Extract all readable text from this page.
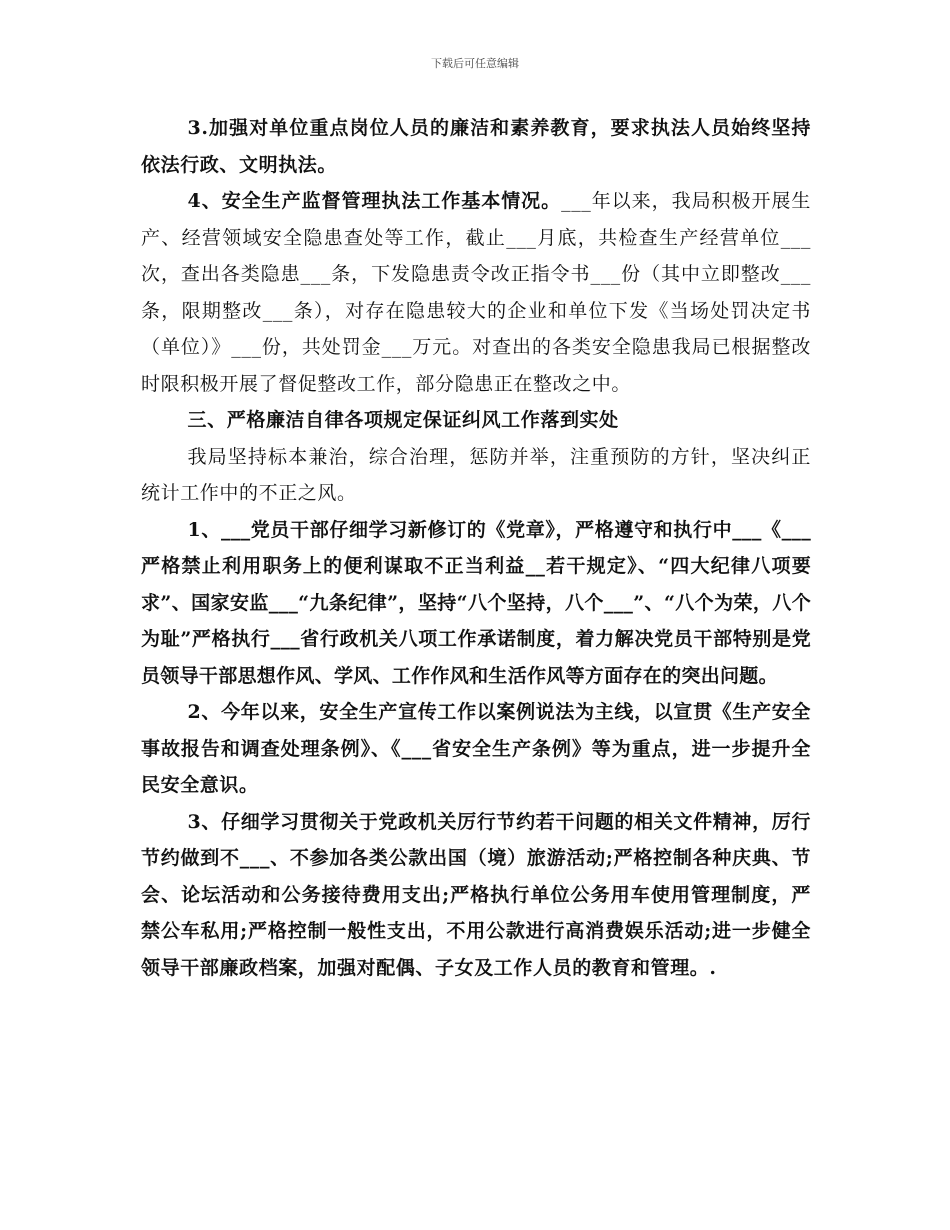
下载后可任意编辑

3.加强对单位重点岗位人员的廉洁和素养教育，要求执法人员始终坚持依法行政、文明执法。

4、安全生产监督管理执法工作基本情况。___年以来，我局积极开展生产、经营领域安全隐患查处等工作，截止___月底，共检查生产经营单位___次，查出各类隐患___条，下发隐患责令改正指令书___份（其中立即整改___条，限期整改___条），对存在隐患较大的企业和单位下发《当场处罚决定书（单位）》___份，共处罚金___万元。对查出的各类安全隐患我局已根据整改时限积极开展了督促整改工作，部分隐患正在整改之中。

三、严格廉洁自律各项规定保证纠风工作落到实处

我局坚持标本兼治，综合治理，惩防并举，注重预防的方针，坚决纠正统计工作中的不正之风。

1、___党员干部仔细学习新修订的《党章》，严格遵守和执行中___《___严格禁止利用职务上的便利谋取不正当利益__若干规定》、“四大纪律八项要求”、国家安监___“九条纪律”，坚持“八个坚持，八个___”、“八个为荣，八个为耻”严格执行___省行政机关八项工作承诺制度，着力解决党员干部特别是党员领导干部思想作风、学风、工作作风和生活作风等方面存在的突出问题。

2、今年以来，安全生产宣传工作以案例说法为主线，以宣贯《生产安全事故报告和调查处理条例》、《___省安全生产条例》等为重点，进一步提升全民安全意识。

3、仔细学习贯彻关于党政机关厉行节约若干问题的相关文件精神，厉行节约做到不___、不参加各类公款出国（境）旅游活动;严格控制各种庆典、节会、论坛活动和公务接待费用支出;严格执行单位公务用车使用管理制度，严禁公车私用;严格控制一般性支出，不用公款进行高消费娱乐活动;进一步健全领导干部廉政档案，加强对配偶、子女及工作人员的教育和管理。.
